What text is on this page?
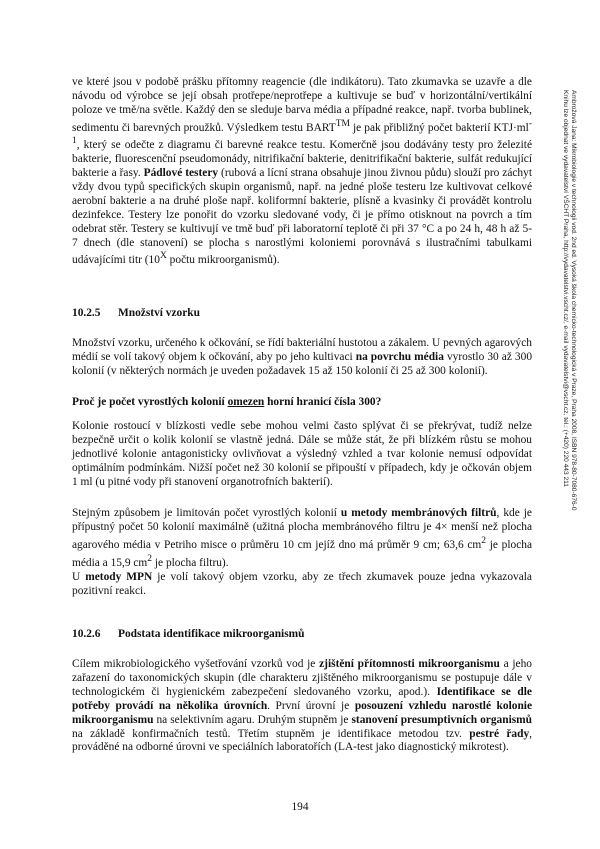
Ambrožová Jana: Mikrobiologie v technologii vod. 2nd ed. Vysoká škola chemicko-technologická v Praze, Praha 2008, ISBN 978-80-7080-676-0
Knihu lze objednat ve vydavatelství VŠCHT Praha, http://vydavatelstvi.vscht.cz/, e-mail vydavatelstvi@vscht.cz, tel.: (+420) 220 443 211

ve které jsou v podobě prášku přítomny reagencie (dle indikátoru). Tato zkumavka se uzavře a dle návodu od výrobce se její obsah protřepe/neprotřepe a kultivuje se buď v horizontální/vertikální poloze ve tmě/na světle. Každý den se sleduje barva média a případné reakce, např. tvorba bublinek, sedimentu či barevných proužků. Výsledkem testu BART™ je pak přibližný počet bakterií $KTJ\cdot ml^{-1}$, který se odečte z diagramu či barevné reakce testu. Komerčně jsou dodávány testy pro železité bakterie, fluorescenční pseudomonády, nitrifikační bakterie, denitrifikační bakterie, sulfát redukující bakterie a řasy. Pádlové testery (rubová a lícní strana obsahuje jinou živnou půdu) slouží pro záchyt vždy dvou typů specifických skupin organismů, např. na jedné ploše testeru lze kultivovat celkové aerobní bakterie a na druhé ploše např. koliformní bakterie, plísně a kvasinky či provádět kontrolu dezinfekce. Testery lze ponořit do vzorku sledované vody, či je přímo otisknout na povrch a tím odebrat stěr. Testery se kultivují ve tmě buď při laboratorní teplotě či při 37 °C a po 24 h, 48 h až 5-7 dnech (dle stanovení) se plocha s narostlými koloniemi porovnává s ilustračními tabulkami udávajícími titr ($10^X$ počtu mikroorganismů).

10.2.5 Množství vzorku

Množství vzorku, určeného k očkování, se řídí bakteriální hustotou a zákalem. U pevných agarových médií se volí takový objem k očkování, aby po jeho kultivaci na povrchu média vyrostlo 30 až 300 kolonií (v některých normách je uveden požadavek 15 až 150 kolonií či 25 až 300 kolonií).

Proč je počet vyrostlých kolonií omezen horní hranicí čísla 300?

Kolonie rostoucí v blízkosti vedle sebe mohou velmi často splývat či se překrývat, tudíž nelze bezpečně určit o kolik kolonií se vlastně jedná. Dále se může stát, že při blízkém růstu se mohou jednotlivé kolonie antagonisticky ovlivňovat a výsledný vzhled a tvar kolonie nemusí odpovídat optimálním podmínkám. Nižší počet než 30 kolonií se připouští v případech, kdy je očkován objem 1 ml (u pitné vody při stanovení organotrofních bakterií).

Stejným způsobem je limitován počet vyrostlých kolonií u metody membránových filtrů, kde je přípustný počet 50 kolonií maximálně (užitná plocha membránového filtru je 4× menší než plocha agarového média v Petriho misce o průměru 10 cm jejíž dno má průměr 9 cm; 63,6 $cm^2$ je plocha média a 15,9 $cm^2$ je plocha filtru).

U metody MPN je volí takový objem vzorku, aby ze třech zkumavek pouze jedna vykazovala pozitivní reakci.

10.2.6 Podstata identifikace mikroorganismů

Cílem mikrobiologického vyšetřování vzorků vod je zjištění přítomnosti mikroorganismu a jeho zařazení do taxonomických skupin (dle charakteru zjištěného mikroorganismu se postupuje dále v technologickém či hygienickém zabezpečení sledovaného vzorku, apod.). Identifikace se dle potřeby provádí na několika úrovních. První úrovní je posouzení vzhledu narostlé kolonie mikroorganismu na selektivním agaru. Druhým stupněm je stanovení presumptivních organismů na základě konfirmačních testů. Třetím stupněm je identifikace metodou tzv. pestré řady, prováděné na odborné úrovni ve speciálních laboratořích (LA-test jako diagnostický mikrotest).

194
